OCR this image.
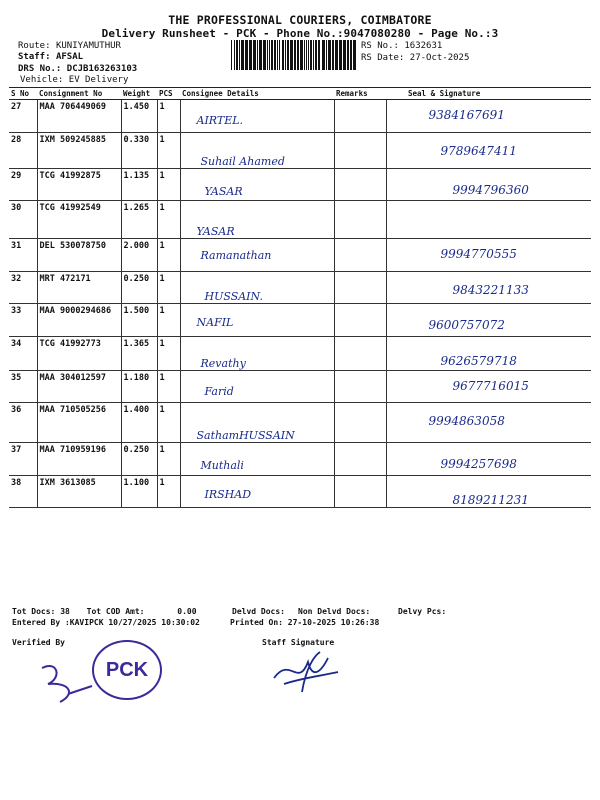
THE PROFESSIONAL COURIERS, COIMBATORE
Delivery Runsheet - PCK - Phone No.:9047080280 - Page No.:3
Route: KUNIYAMUTHUR
Staff: AFSAL
DRS No.: DCJB163263103
Vehicle: EV Delivery
RS No.: 1632631
RS Date: 27-Oct-2025
S No	Consignment No	Weight	PCS	Consignee Details	Remarks	Seal & Signature
27	MAA 706449069	1.450	1	AIRTEL.		9384167691
28	IXM 509245885	0.330	1	Suhail Ahamed		9789647411
29	TCG 41992875	1.135	1	YASAR		9994796360
30	TCG 41992549	1.265	1	YASAR		
31	DEL 530078750	2.000	1	Ramanathan		9994770555
32	MRT 472171	0.250	1	HUSSAIN.		9843221133
33	MAA 9000294686	1.500	1	NAFIL		9600757072
34	TCG 41992773	1.365	1	Revathy		9626579718
35	MAA 304012597	1.180	1	Farid		9677716015
36	MAA 710505256	1.400	1	SathamHUSSAIN		9994863058
37	MAA 710959196	0.250	1	Muthali		9994257698
38	IXM 3613085	1.100	1	IRSHAD		8189211231
Tot Docs: 38 Tot COD Amt:	0.00	Delvd Docs: Non Delvd Docs:	Delvy Pcs:
Entered By :KAVIPCK 10/27/2025 10:30:02	Printed On: 27-10-2025 10:26:38
Verified By	Staff Signature
PCK
